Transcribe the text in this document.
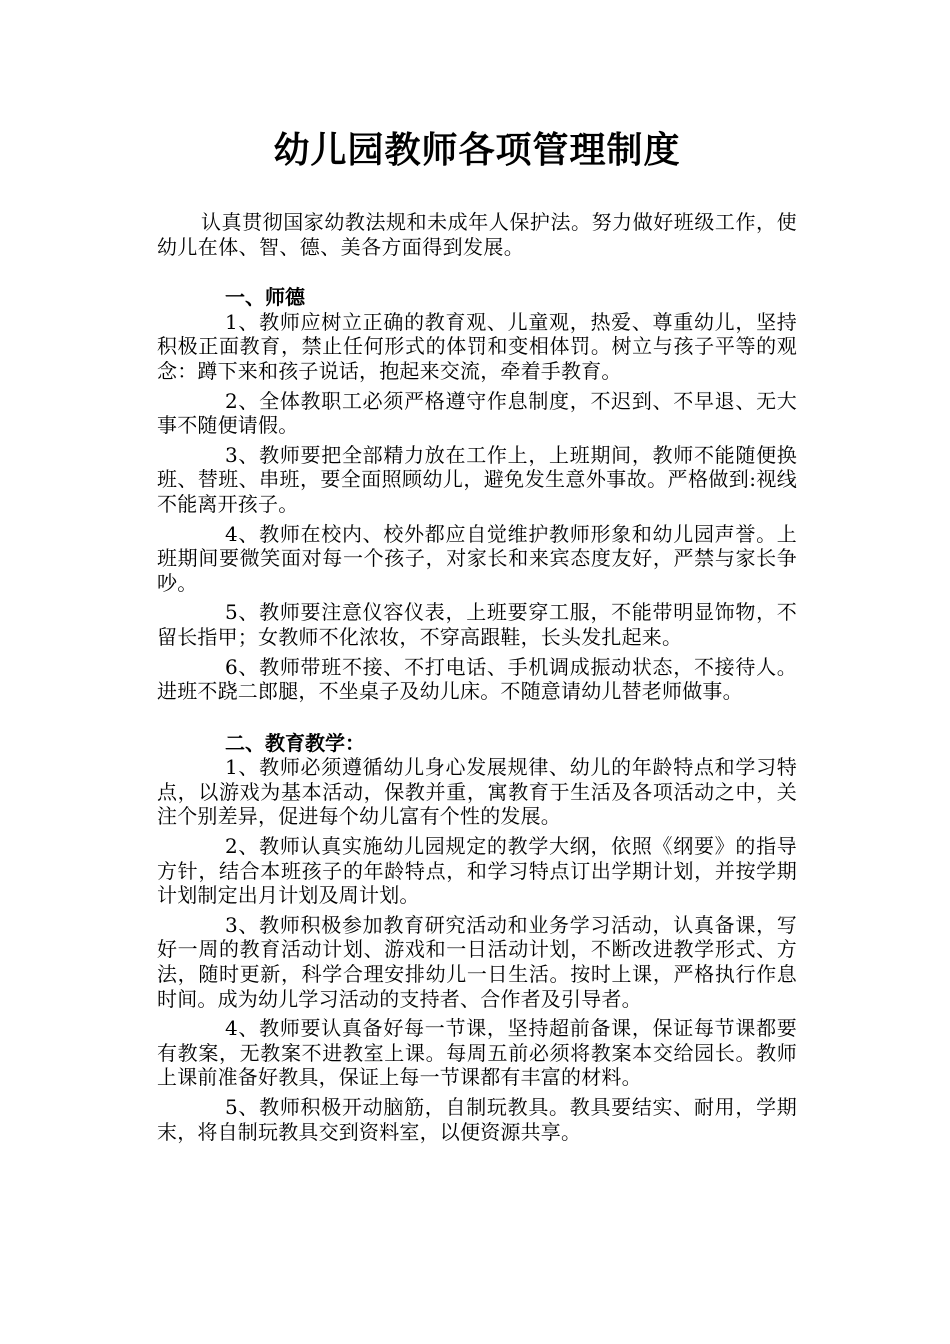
幼儿园教师各项管理制度

认真贯彻国家幼教法规和未成年人保护法。努力做好班级工作，使幼儿在体、智、德、美各方面得到发展。

一、师德

1、教师应树立正确的教育观、儿童观，热爱、尊重幼儿，坚持积极正面教育，禁止任何形式的体罚和变相体罚。树立与孩子平等的观念：蹲下来和孩子说话，抱起来交流，牵着手教育。

2、全体教职工必须严格遵守作息制度，不迟到、不早退、无大事不随便请假。

3、教师要把全部精力放在工作上，上班期间，教师不能随便换班、替班、串班，要全面照顾幼儿，避免发生意外事故。严格做到:视线不能离开孩子。

4、教师在校内、校外都应自觉维护教师形象和幼儿园声誉。上班期间要微笑面对每一个孩子，对家长和来宾态度友好，严禁与家长争吵。

5、教师要注意仪容仪表，上班要穿工服，不能带明显饰物，不留长指甲；女教师不化浓妆，不穿高跟鞋，长头发扎起来。

6、教师带班不接、不打电话、手机调成振动状态，不接待人。进班不跷二郎腿，不坐桌子及幼儿床。不随意请幼儿替老师做事。

二、教育教学：

1、教师必须遵循幼儿身心发展规律、幼儿的年龄特点和学习特点，以游戏为基本活动，保教并重，寓教育于生活及各项活动之中，关注个别差异，促进每个幼儿富有个性的发展。

2、教师认真实施幼儿园规定的教学大纲，依照《纲要》的指导方针，结合本班孩子的年龄特点，和学习特点订出学期计划，并按学期计划制定出月计划及周计划。

3、教师积极参加教育研究活动和业务学习活动，认真备课，写好一周的教育活动计划、游戏和一日活动计划，不断改进教学形式、方法，随时更新，科学合理安排幼儿一日生活。按时上课，严格执行作息时间。成为幼儿学习活动的支持者、合作者及引导者。

4、教师要认真备好每一节课，坚持超前备课，保证每节课都要有教案，无教案不进教室上课。每周五前必须将教案本交给园长。教师上课前准备好教具，保证上每一节课都有丰富的材料。

5、教师积极开动脑筋，自制玩教具。教具要结实、耐用，学期末，将自制玩教具交到资料室，以便资源共享。
